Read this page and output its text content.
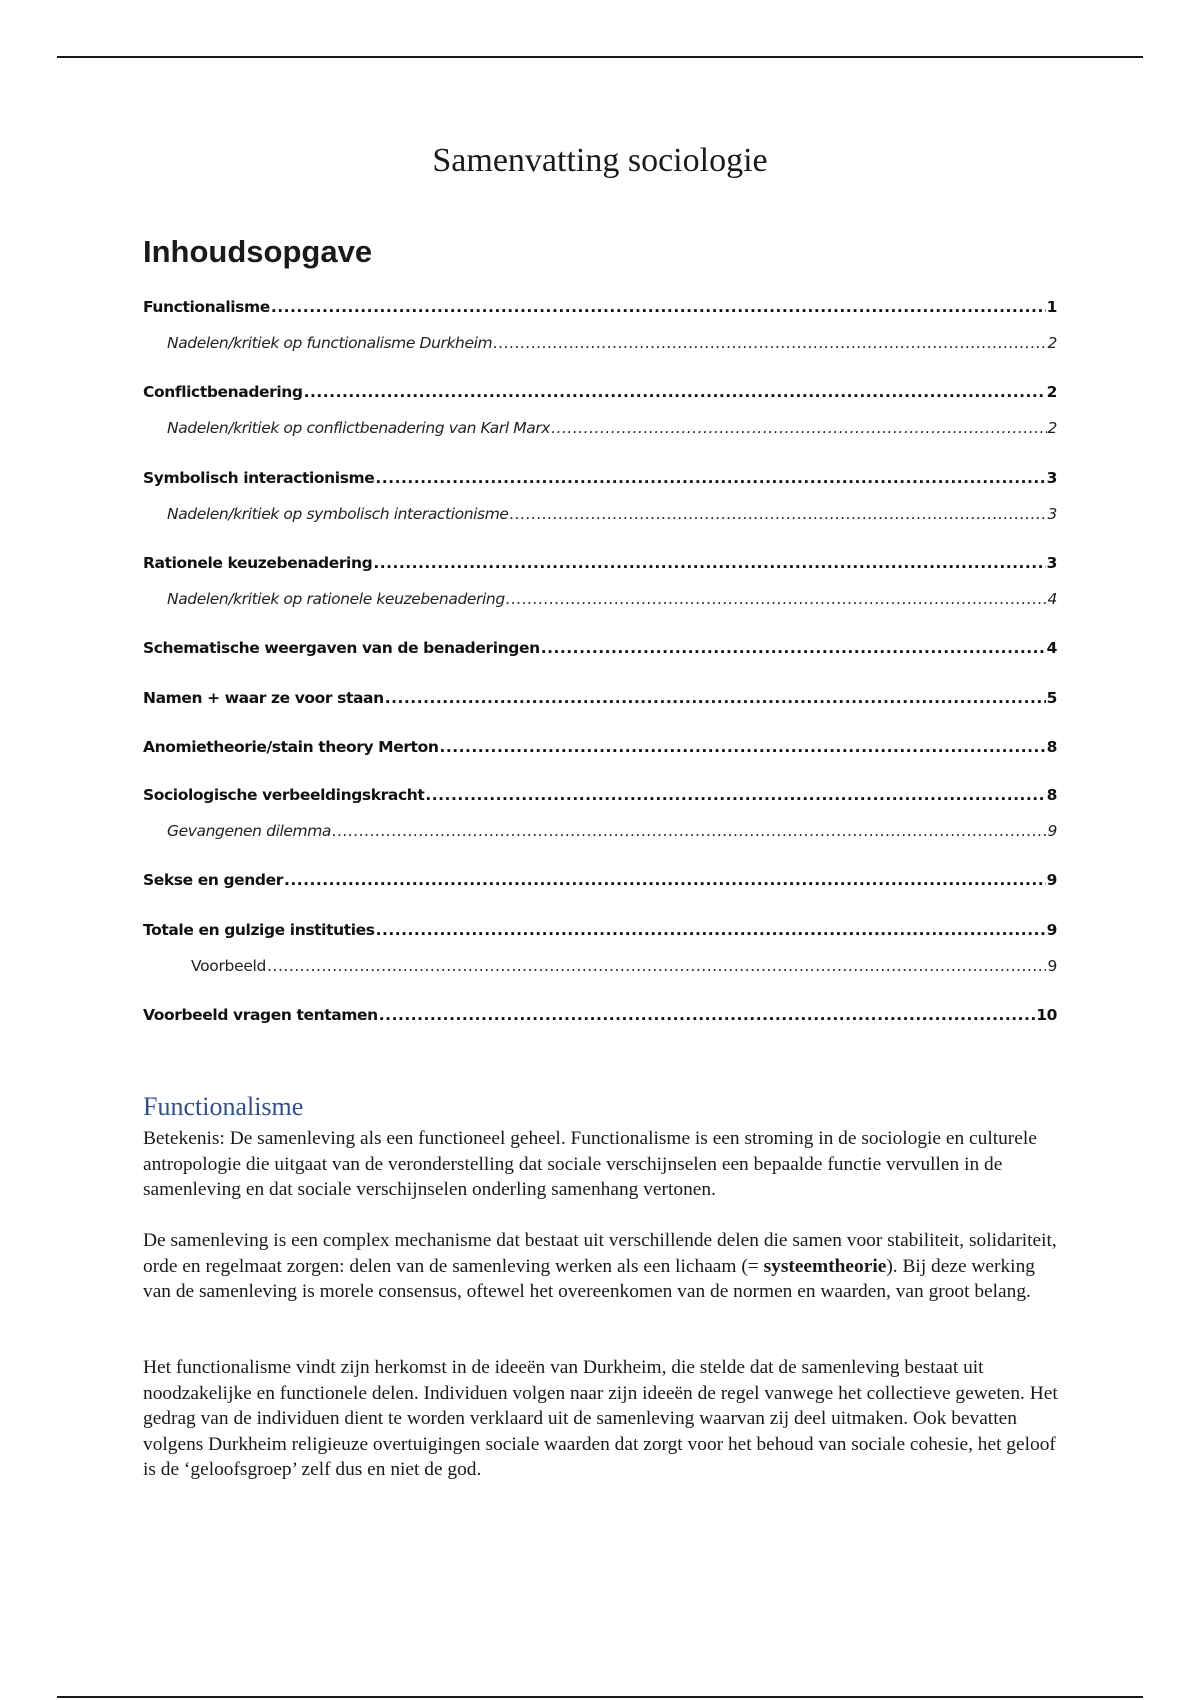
Samenvatting sociologie
Inhoudsopgave
Functionalisme .....	1
Nadelen/kritiek op functionalisme Durkheim .....	2
Conflictbenadering .....	2
Nadelen/kritiek op conflictbenadering van Karl Marx .....	2
Symbolisch interactionisme .....	3
Nadelen/kritiek op symbolisch interactionisme .....	3
Rationele keuzebenadering .....	3
Nadelen/kritiek op rationele keuzebenadering .....	4
Schematische weergaven van de benaderingen .....	4
Namen + waar ze voor staan .....	5
Anomietheorie/stain theory Merton .....	8
Sociologische verbeeldingskracht .....	8
Gevangenen dilemma .....	9
Sekse en gender .....	9
Totale en gulzige instituties .....	9
Voorbeeld .....	9
Voorbeeld vragen tentamen .....	10
Functionalisme

Betekenis: De samenleving als een functioneel geheel. Functionalisme is een stroming in de sociologie en culturele antropologie die uitgaat van de veronderstelling dat sociale verschijnselen een bepaalde functie vervullen in de samenleving en dat sociale verschijnselen onderling samenhang vertonen.

De samenleving is een complex mechanisme dat bestaat uit verschillende delen die samen voor stabiliteit, solidariteit, orde en regelmaat zorgen: delen van de samenleving werken als een lichaam (= systeemtheorie). Bij deze werking van de samenleving is morele consensus, oftewel het overeenkomen van de normen en waarden, van groot belang.

Het functionalisme vindt zijn herkomst in de ideeën van Durkheim, die stelde dat de samenleving bestaat uit noodzakelijke en functionele delen. Individuen volgen naar zijn ideeën de regel vanwege het collectieve geweten. Het gedrag van de individuen dient te worden verklaard uit de samenleving waarvan zij deel uitmaken. Ook bevatten volgens Durkheim religieuze overtuigingen sociale waarden dat zorgt voor het behoud van sociale cohesie, het geloof is de ‘geloofsgroep’ zelf dus en niet de god.
